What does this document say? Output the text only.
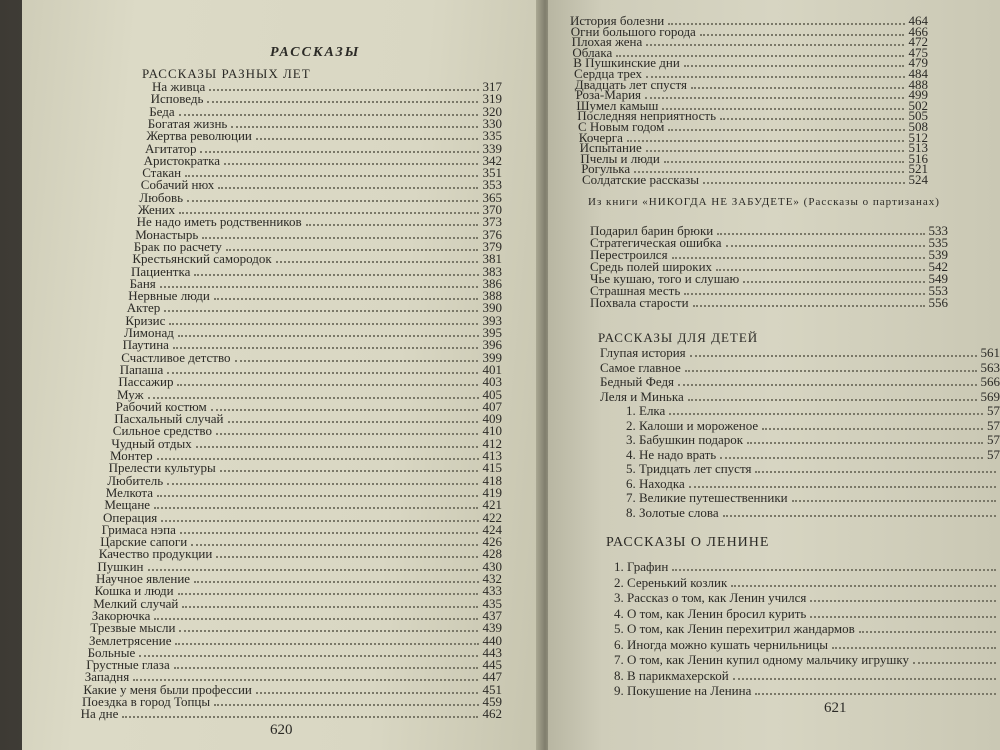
РАССКАЗЫ
РАССКАЗЫ РАЗНЫХ ЛЕТ
На живца	317
Исповедь	319
Беда	320
Богатая жизнь	330
Жертва революции	335
Агитатор	339
Аристократка	342
Стакан	351
Собачий нюх	353
Любовь	365
Жених	370
Не надо иметь родственников	373
Монастырь	376
Брак по расчету	379
Крестьянский самородок	381
Пациентка	383
Баня	386
Нервные люди	388
Актер	390
Кризис	393
Лимонад	395
Паутина	396
Счастливое детство	399
Папаша	401
Пассажир	403
Муж	405
Рабочий костюм	407
Пасхальный случай	409
Сильное средство	410
Чудный отдых	412
Монтер	413
Прелести культуры	415
Любитель	418
Мелкота	419
Мещане	421
Операция	422
Гримаса нэпа	424
Царские сапоги	426
Качество продукции	428
Пушкин	430
Научное явление	432
Кошка и люди	433
Мелкий случай	435
Закорючка	437
Трезвые мысли	439
Землетрясение	440
Больные	443
Грустные глаза	445
Западня	447
Какие у меня были профессии	451
Поездка в город Топцы	459
На дне	462
620
История болезни	464
Огни большого города	466
Плохая жена	472
Облака	475
В Пушкинские дни	479
Сердца трех	484
Двадцать лет спустя	488
Роза-Мария	499
Шумел камыш	502
Последняя неприятность	505
С Новым годом	508
Кочерга	512
Испытание	513
Пчелы и люди	516
Рогулька	521
Солдатские рассказы	524
Из книги «НИКОГДА НЕ ЗАБУДЕТЕ» (Рассказы о партизанах)
Подарил барин брюки	533
Стратегическая ошибка	535
Перестроился	539
Средь полей широких	542
Чье кушаю, того и слушаю	549
Страшная месть	553
Похвала старости	556
РАССКАЗЫ ДЛЯ ДЕТЕЙ
Глупая история	561
Самое главное	563
Бедный Федя	566
Леля и Минька	569
1. Елка	57
2. Калоши и мороженое	57
3. Бабушкин подарок	57
4. Не надо врать	57
5. Тридцать лет спустя
6. Находка
7. Великие путешественники
8. Золотые слова
РАССКАЗЫ О ЛЕНИНЕ
1. Графин
2. Серенький козлик
3. Рассказ о том, как Ленин учился
4. О том, как Ленин бросил курить
5. О том, как Ленин перехитрил жандармов
6. Иногда можно кушать чернильницы
7. О том, как Ленин купил одному мальчику игрушку
8. В парикмахерской
9. Покушение на Ленина
621
